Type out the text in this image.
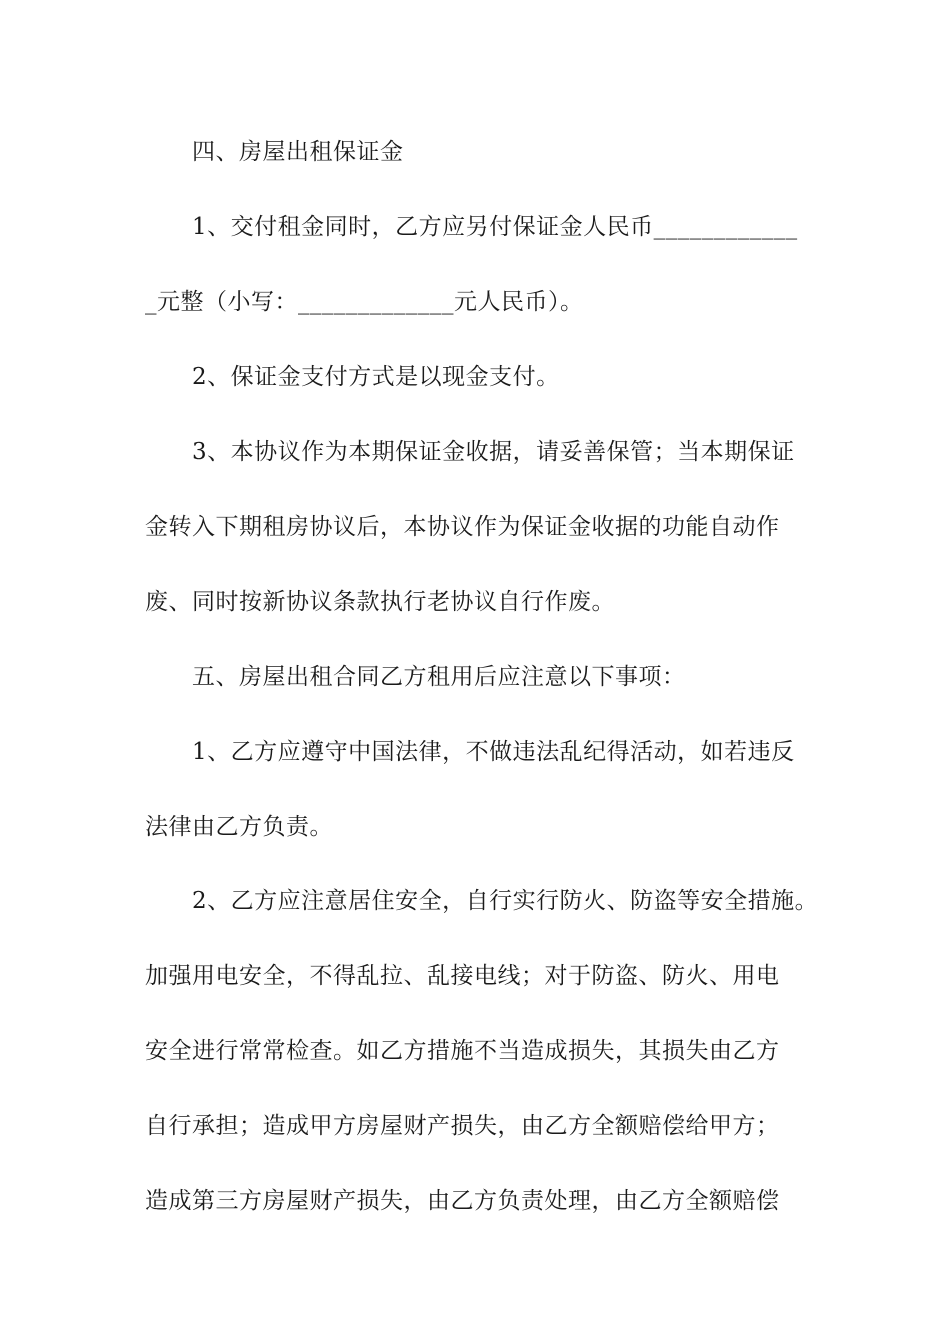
四、房屋出租保证金
1、交付租金同时，乙方应另付保证金人民币____________
_元整（小写：_____________元人民币）。
2、保证金支付方式是以现金支付。
3、本协议作为本期保证金收据，请妥善保管；当本期保证
金转入下期租房协议后，本协议作为保证金收据的功能自动作
废、同时按新协议条款执行老协议自行作废。
五、房屋出租合同乙方租用后应注意以下事项：
1、乙方应遵守中国法律，不做违法乱纪得活动，如若违反
法律由乙方负责。
2、乙方应注意居住安全，自行实行防火、防盗等安全措施。
加强用电安全，不得乱拉、乱接电线；对于防盗、防火、用电
安全进行常常检查。如乙方措施不当造成损失，其损失由乙方
自行承担；造成甲方房屋财产损失，由乙方全额赔偿给甲方；
造成第三方房屋财产损失，由乙方负责处理，由乙方全额赔偿
